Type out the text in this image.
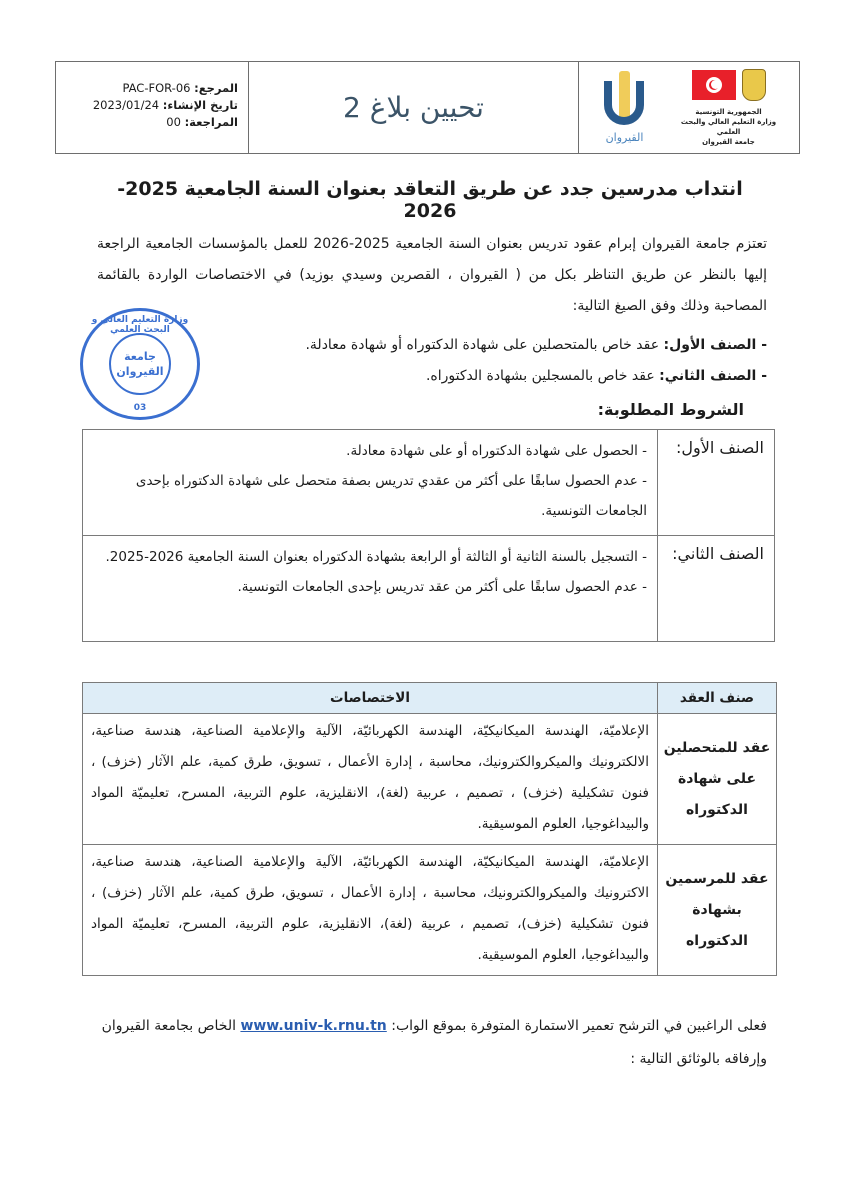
المرجع: PAC-FOR-06
تاريخ الإنشاء: 2023/01/24
المراجعة: 00	تحيين بلاغ 2
القيروان
الجمهورية التونسية
وزارة التعليم العالي والبحث العلمي
جامعة القيروان
انتداب مدرسين جدد عن طريق التعاقد بعنوان السنة الجامعية 2025- 2026

تعتزم جامعة القيروان إبرام عقود تدريس بعنوان السنة الجامعية 2025-2026 للعمل بالمؤسسات الجامعية الراجعة إليها بالنظر عن طريق التناظر بكل من ( القيروان ، القصرين وسيدي بوزيد) في الاختصاصات الواردة بالقائمة المصاحبة وذلك وفق الصيغ التالية:

- الصنف الأول: عقد خاص بالمتحصلين على شهادة الدكتوراه أو شهادة معادلة.
- الصنف الثاني: عقد خاص بالمسجلين بشهادة الدكتوراه.
الشروط المطلوبة:
وزارة التعليم العالي و البحث العلمي
جامعة
القيروان
03
الصنف الأول:	- الحصول على شهادة الدكتوراه أو على شهادة معادلة.
- عدم الحصول سابقًا على أكثر من عقدي تدريس بصفة متحصل على شهادة الدكتوراه بإحدى الجامعات التونسية.

الصنف الثاني:	- التسجيل بالسنة الثانية أو الثالثة أو الرابعة بشهادة الدكتوراه بعنوان السنة الجامعية 2026-2025.
- عدم الحصول سابقًا على أكثر من عقد تدريس بإحدى الجامعات التونسية.
صنف العقد	الاختصاصات
عقد للمتحصلين على شهادة الدكتوراه	الإعلاميّة، الهندسة الميكانيكيّة، الهندسة الكهربائيّة، الآلية والإعلامية الصناعية، هندسة صناعية، الالكترونيك والميكروالكترونيك، محاسبة ، إدارة الأعمال ، تسويق، طرق كمية، علم الآثار (خزف) ، فنون تشكيلية (خزف) ، تصميم ، عربية (لغة)، الانقليزية، علوم التربية، المسرح، تعليميّة المواد والبيداغوجيا، العلوم الموسيقية.
عقد للمرسمين بشهادة الدكتوراه	الإعلاميّة، الهندسة الميكانيكيّة، الهندسة الكهربائيّة، الآلية والإعلامية الصناعية، هندسة صناعية، الاكترونيك والميكروالكترونيك، محاسبة ، إدارة الأعمال ، تسويق، طرق كمية، علم الآثار (خزف) ، فنون تشكيلية (خزف)، تصميم ، عربية (لغة)، الانقليزية، علوم التربية، المسرح، تعليميّة المواد والبيداغوجيا، العلوم الموسيقية.
فعلى الراغبين في الترشح تعمير الاستمارة المتوفرة بموقع الواب: www.univ-k.rnu.tn الخاص بجامعة القيروان وإرفاقه بالوثائق التالية :
